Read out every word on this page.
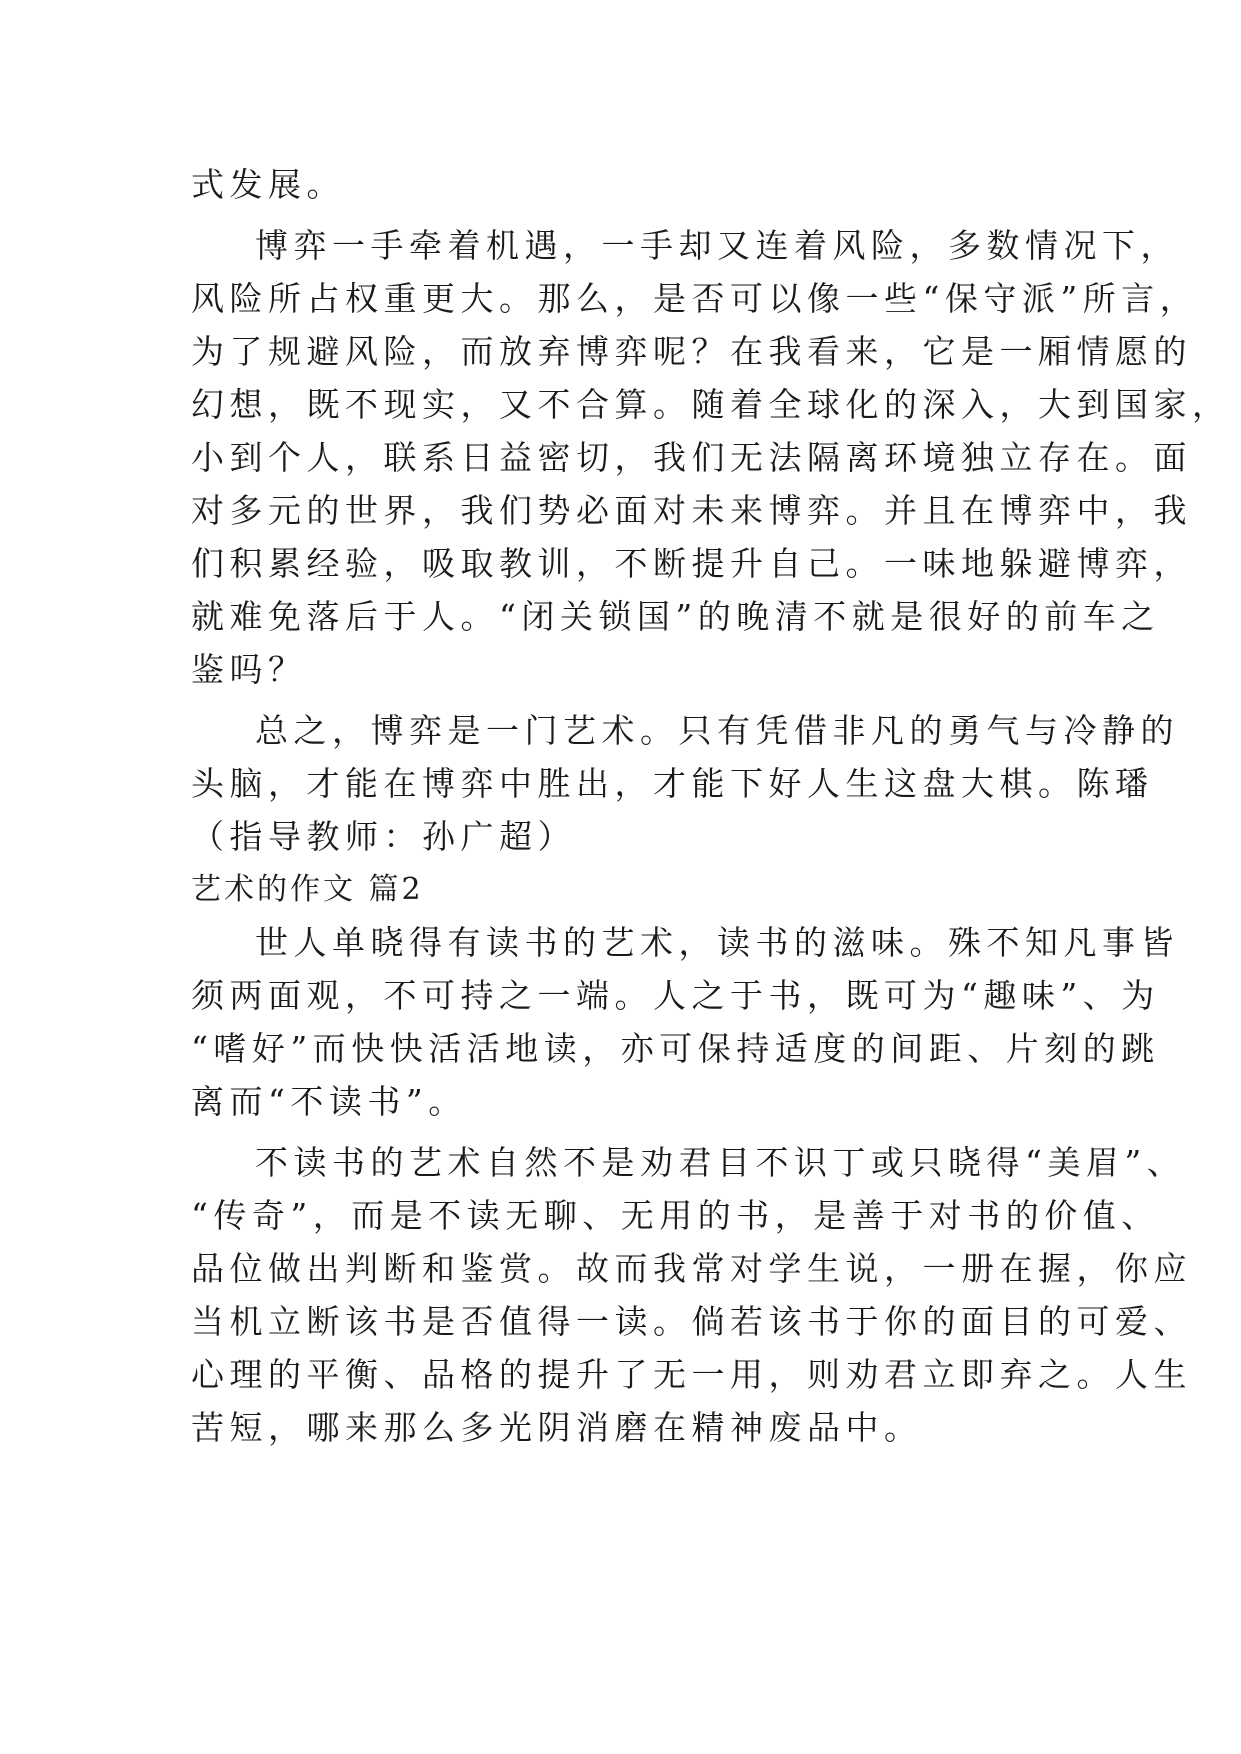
式发展。
博弈一手牵着机遇，一手却又连着风险，多数情况下，
风险所占权重更大。那么，是否可以像一些“保守派”所言，
为了规避风险，而放弃博弈呢？在我看来，它是一厢情愿的
幻想，既不现实，又不合算。随着全球化的深入，大到国家，
小到个人，联系日益密切，我们无法隔离环境独立存在。面
对多元的世界，我们势必面对未来博弈。并且在博弈中，我
们积累经验，吸取教训，不断提升自己。一味地躲避博弈，
就难免落后于人。“闭关锁国”的晚清不就是很好的前车之
鉴吗？
总之，博弈是一门艺术。只有凭借非凡的勇气与冷静的
头脑，才能在博弈中胜出，才能下好人生这盘大棋。陈璠
（指导教师：孙广超）
艺术的作文 篇2
世人单晓得有读书的艺术，读书的滋味。殊不知凡事皆
须两面观，不可持之一端。人之于书，既可为“趣味”、为
“嗜好”而快快活活地读，亦可保持适度的间距、片刻的跳
离而“不读书”。
不读书的艺术自然不是劝君目不识丁或只晓得“美眉”、
“传奇”，而是不读无聊、无用的书，是善于对书的价值、
品位做出判断和鉴赏。故而我常对学生说，一册在握，你应
当机立断该书是否值得一读。倘若该书于你的面目的可爱、
心理的平衡、品格的提升了无一用，则劝君立即弃之。人生
苦短，哪来那么多光阴消磨在精神废品中。
